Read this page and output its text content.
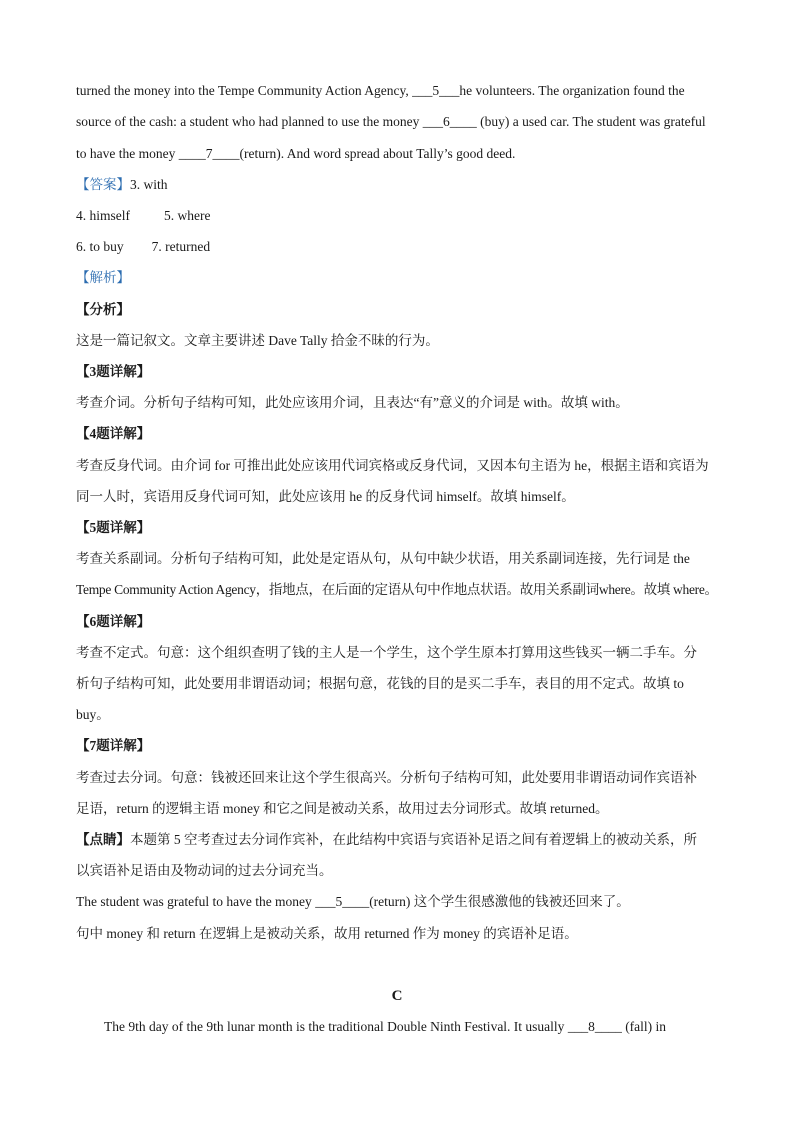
turned the money into the Tempe Community Action Agency, ___5___he volunteers. The organization found the
source of the cash: a student who had planned to use the money ___6____ (buy) a used car. The student was grateful
to have the money ____7____(return). And word spread about Tally’s good deed.
【答案】3. with
4. himself	5. where
6. to buy 7. returned
【解析】
【分析】
这是一篇记叙文。文章主要讲述 Dave Tally 拾金不昧的行为。
【3题详解】
考查介词。分析句子结构可知，此处应该用介词，且表达“有”意义的介词是 with。故填 with。
【4题详解】
考查反身代词。由介词 for 可推出此处应该用代词宾格或反身代词，又因本句主语为 he，根据主语和宾语为
同一人时，宾语用反身代词可知，此处应该用 he 的反身代词 himself。故填 himself。
【5题详解】
考查关系副词。分析句子结构可知，此处是定语从句，从句中缺少状语，用关系副词连接，先行词是 the
Tempe Community Action Agency，指地点，在后面的定语从句中作地点状语。故用关系副词where。故填 where。
【6题详解】
考查不定式。句意：这个组织查明了钱的主人是一个学生，这个学生原本打算用这些钱买一辆二手车。分
析句子结构可知，此处要用非谓语动词；根据句意，花钱的目的是买二手车，表目的用不定式。故填 to
buy。
【7题详解】
考查过去分词。句意：钱被还回来让这个学生很高兴。分析句子结构可知，此处要用非谓语动词作宾语补
足语，return 的逻辑主语 money 和它之间是被动关系，故用过去分词形式。故填 returned。
【点睛】本题第 5 空考查过去分词作宾补，在此结构中宾语与宾语补足语之间有着逻辑上的被动关系，所
以宾语补足语由及物动词的过去分词充当。
The student was grateful to have the money ___5____(return) 这个学生很感激他的钱被还回来了。
句中 money 和 return 在逻辑上是被动关系，故用 returned 作为 money 的宾语补足语。
C
The 9th day of the 9th lunar month is the traditional Double Ninth Festival. It usually ___8____ (fall) in
